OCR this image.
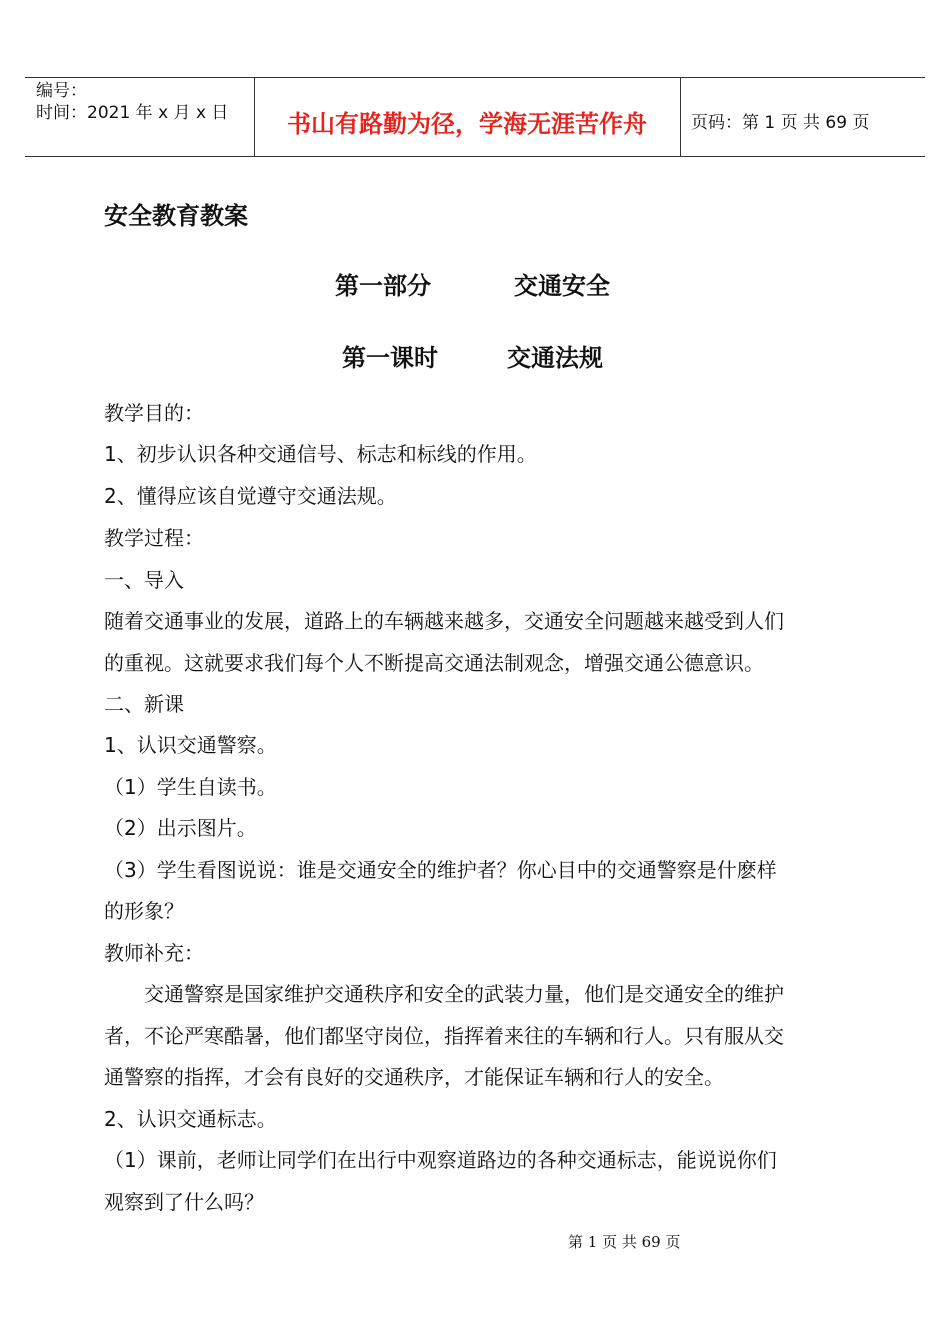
编号：
时间：2021 年 x 月 x 日	书山有路勤为径，学海无涯苦作舟	页码：第 1 页 共 69 页
安全教育教案
第一部分	交通安全
第一课时	交通法规
教学目的：
1、初步认识各种交通信号、标志和标线的作用。
2、懂得应该自觉遵守交通法规。
教学过程：
一、导入
随着交通事业的发展，道路上的车辆越来越多，交通安全问题越来越受到人们
的重视。这就要求我们每个人不断提高交通法制观念，增强交通公德意识。
二、新课
1、认识交通警察。
（1）学生自读书。
（2）出示图片。
（3）学生看图说说：谁是交通安全的维护者？你心目中的交通警察是什麽样
的形象？
教师补充：
交通警察是国家维护交通秩序和安全的武装力量，他们是交通安全的维护
者，不论严寒酷暑，他们都坚守岗位，指挥着来往的车辆和行人。只有服从交
通警察的指挥，才会有良好的交通秩序，才能保证车辆和行人的安全。
2、认识交通标志。
（1）课前，老师让同学们在出行中观察道路边的各种交通标志，能说说你们
观察到了什么吗？
第 1 页 共 69 页
